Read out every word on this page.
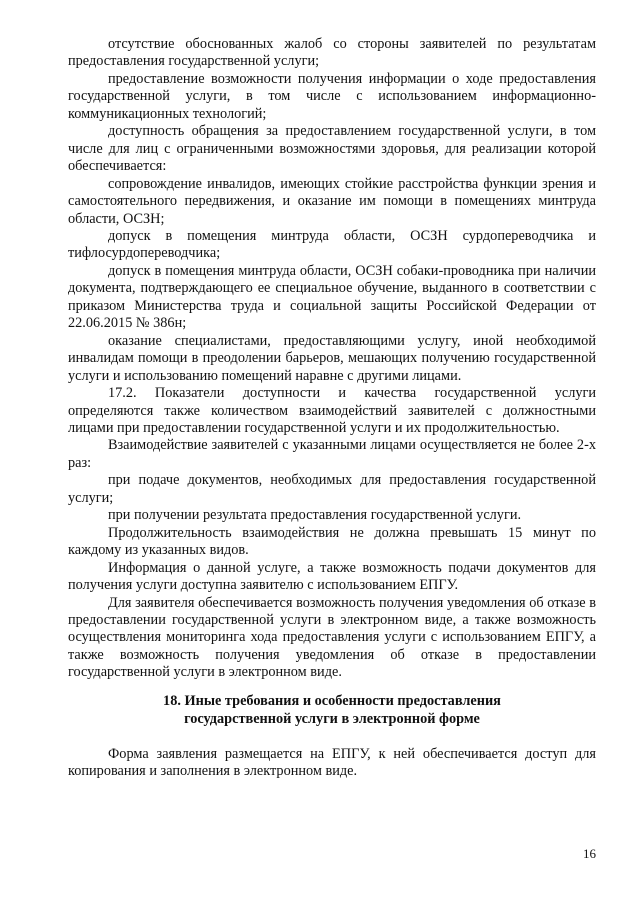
отсутствие обоснованных жалоб со стороны заявителей по результатам предоставления государственной услуги;

предоставление возможности получения информации о ходе предоставления государственной услуги, в том числе с использованием информационно-коммуникационных технологий;

доступность обращения за предоставлением государственной услуги, в том числе для лиц с ограниченными возможностями здоровья, для реализации которой обеспечивается:

сопровождение инвалидов, имеющих стойкие расстройства функции зрения и самостоятельного передвижения, и оказание им помощи в помещениях минтруда области, ОСЗН;

допуск в помещения минтруда области, ОСЗН сурдопереводчика и тифлосурдопереводчика;

допуск в помещения минтруда области, ОСЗН собаки-проводника при наличии документа, подтверждающего ее специальное обучение, выданного в соответствии с приказом Министерства труда и социальной защиты Российской Федерации от 22.06.2015 № 386н;

оказание специалистами, предоставляющими услугу, иной необходимой инвалидам помощи в преодолении барьеров, мешающих получению государственной услуги и использованию помещений наравне с другими лицами.

17.2. Показатели доступности и качества государственной услуги определяются также количеством взаимодействий заявителей с должностными лицами при предоставлении государственной услуги и их продолжительностью.

Взаимодействие заявителей с указанными лицами осуществляется не более 2-х раз:

при подаче документов, необходимых для предоставления государственной услуги;

при получении результата предоставления государственной услуги.

Продолжительность взаимодействия не должна превышать 15 минут по каждому из указанных видов.

Информация о данной услуге, а также возможность подачи документов для получения услуги доступна заявителю с использованием ЕПГУ.

Для заявителя обеспечивается возможность получения уведомления об отказе в предоставлении государственной услуги в электронном виде, а также возможность осуществления мониторинга хода предоставления услуги с использованием ЕПГУ, а также возможность получения уведомления об отказе в предоставлении государственной услуги в электронном виде.

18. Иные требования и особенности предоставления
государственной услуги в электронной форме

Форма заявления размещается на ЕПГУ, к ней обеспечивается доступ для копирования и заполнения в электронном виде.

16
